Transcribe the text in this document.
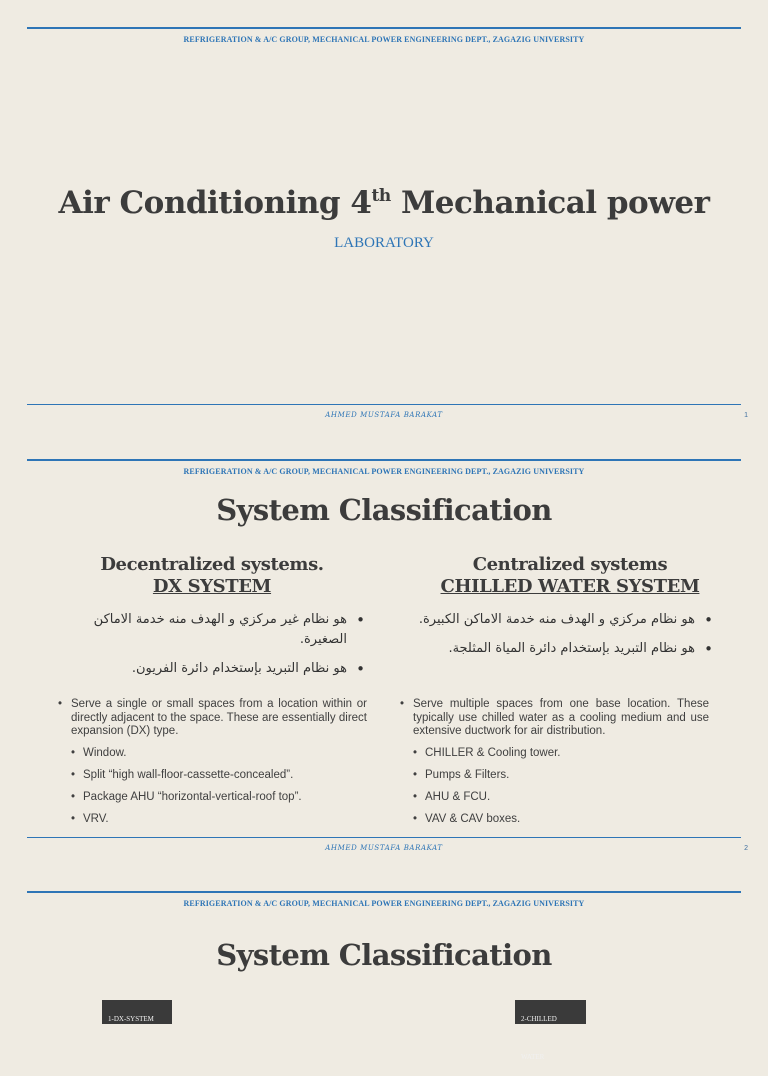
REFRIGERATION & A/C GROUP, MECHANICAL POWER ENGINEERING DEPT., ZAGAZIG UNIVERSITY
Air Conditioning 4th Mechanical power
LABORATORY
AHMED MUSTAFA BARAKAT	1
REFRIGERATION & A/C GROUP, MECHANICAL POWER ENGINEERING DEPT., ZAGAZIG UNIVERSITY
System Classification
Decentralized systems.
DX SYSTEM
Centralized systems
CHILLED WATER SYSTEM
• هو نظام غير مركزي و الهدف منه خدمة الاماكن الصغيرة.
• هو نظام التبريد بإستخدام دائرة الفريون.
• هو نظام مركزي و الهدف منه خدمة الاماكن الكبيرة.
• هو نظام التبريد بإستخدام دائرة المياة المثلجة.
• Serve a single or small spaces from a location within or directly adjacent to the space. These are essentially direct expansion (DX) type.
• Window.
• Split “high wall-floor-cassette-concealed”.
• Package AHU “horizontal-vertical-roof top”.
• VRV.
• Serve multiple spaces from one base location. These typically use chilled water as a cooling medium and use extensive ductwork for air distribution.
• CHILLER & Cooling tower.
• Pumps & Filters.
• AHU & FCU.
• VAV & CAV boxes.
AHMED MUSTAFA BARAKAT	2
REFRIGERATION & A/C GROUP, MECHANICAL POWER ENGINEERING DEPT., ZAGAZIG UNIVERSITY
System Classification
1-DX-SYSTEM	2-CHILLED WATER
